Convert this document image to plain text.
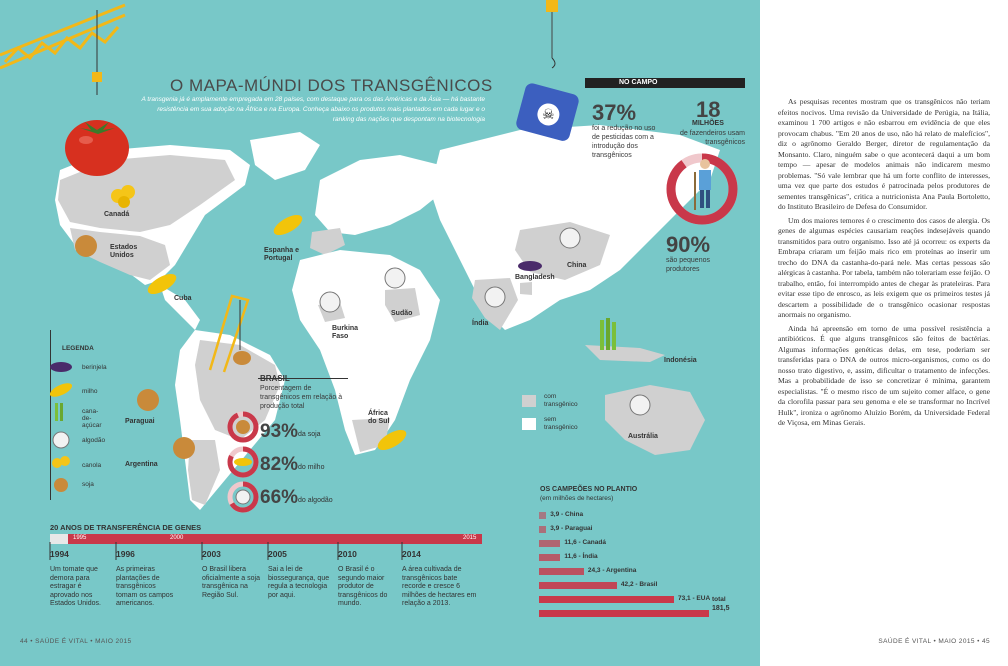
☠
O MAPA-MÚNDI DOS TRANSGÊNICOS
A transgenia já é amplamente empregada em 28 países, com destaque para os das Américas e da Ásia — há bastante resistência em sua adoção na África e na Europa. Conheça abaixo os produtos mais plantados em cada lugar e o ranking das nações que despontam na biotecnologia
NO CAMPO
37%
foi a redução no uso de pesticidas com a introdução dos transgênicos
18
MILHÕES
de fazendeiros usam transgênicos
90%
são pequenos produtores
Canadá
Estados Unidos
Cuba
Espanha e Portugal
Burkina Faso
Sudão
Índia
Bangladesh
China
Indonésia
Austrália
África do Sul
Paraguai
Argentina
LEGENDA
berinjela
milho
cana-de-açúcar
algodão
canola
soja
BRASIL
Porcentagem de transgênicos em relação à produção total
93% da soja
82% do milho
66% do algodão
com transgênico
sem transgênico
OS CAMPEÕES NO PLANTIO
(em milhões de hectares)
3,9 - China
3,9 - Paraguai
11,6 - Canadá
11,6 - Índia
24,3 - Argentina
42,2 - Brasil
73,1 - EUA total
181,5
20 ANOS DE TRANSFERÊNCIA DE GENES
1995	2000	2015
1994
Um tomate que demora para estragar é aprovado nos Estados Unidos.
1996
As primeiras plantações de transgênicos tomam os campos americanos.
2003
O Brasil libera oficialmente a soja transgênica na Região Sul.
2005
Sai a lei de biossegurança, que regula a tecnologia por aqui.
2010
O Brasil é o segundo maior produtor de transgênicos do mundo.
2014
A área cultivada de transgênicos bate recorde e cresce 6 milhões de hectares em relação a 2013.
44 • SAÚDE É VITAL • MAIO 2015

As pesquisas recentes mostram que os transgênicos não teriam efeitos nocivos. Uma revisão da Universidade de Perúgia, na Itália, examinou 1 700 artigos e não esbarrou em evidência de que eles provocam chabus. "Em 20 anos de uso, não há relato de malefícios", diz o agrônomo Geraldo Berger, diretor de regulamentação da Monsanto. Claro, ninguém sabe o que acontecerá daqui a um bom tempo — apesar de modelos animais não indicarem mesmo problemas. "Só vale lembrar que há um forte conflito de interesses, uma vez que parte dos estudos é patrocinada pelos produtores de sementes transgênicas", critica a nutricionista Ana Paula Bortoletto, do Instituto Brasileiro de Defesa do Consumidor.

Um dos maiores temores é o crescimento dos casos de alergia. Os genes de algumas espécies causariam reações indesejáveis quando transmitidos para outro organismo. Isso até já ocorreu: os experts da Embrapa criaram um feijão mais rico em proteínas ao inserir um trecho do DNA da castanha-do-pará nele. Mas certas pessoas são alérgicas à castanha. Por tabela, também não tolerariam esse feijão. O trabalho, então, foi interrompido antes de chegar às prateleiras. Para evitar esse tipo de enrosco, as leis exigem que os primeiros testes já descartem a possibilidade de o transgênico ocasionar respostas anormais no organismo.

Ainda há apreensão em torno de uma possível resistência a antibióticos. É que alguns transgênicos são feitos de bactérias. Algumas informações genéticas delas, em tese, poderiam ser transferidas para o DNA de outros micro-organismos, como os do nosso trato digestivo, e, assim, dificultar o tratamento de infecções. Mas a probabilidade de isso se concretizar é mínima, garantem especialistas. "É o mesmo risco de um sujeito comer alface, o gene da clorofila passar para seu genoma e ele se transformar no Incrível Hulk", ironiza o agrônomo Aluízio Borém, da Universidade Federal de Viçosa, em Minas Gerais.

SAÚDE É VITAL • MAIO 2015 • 45
